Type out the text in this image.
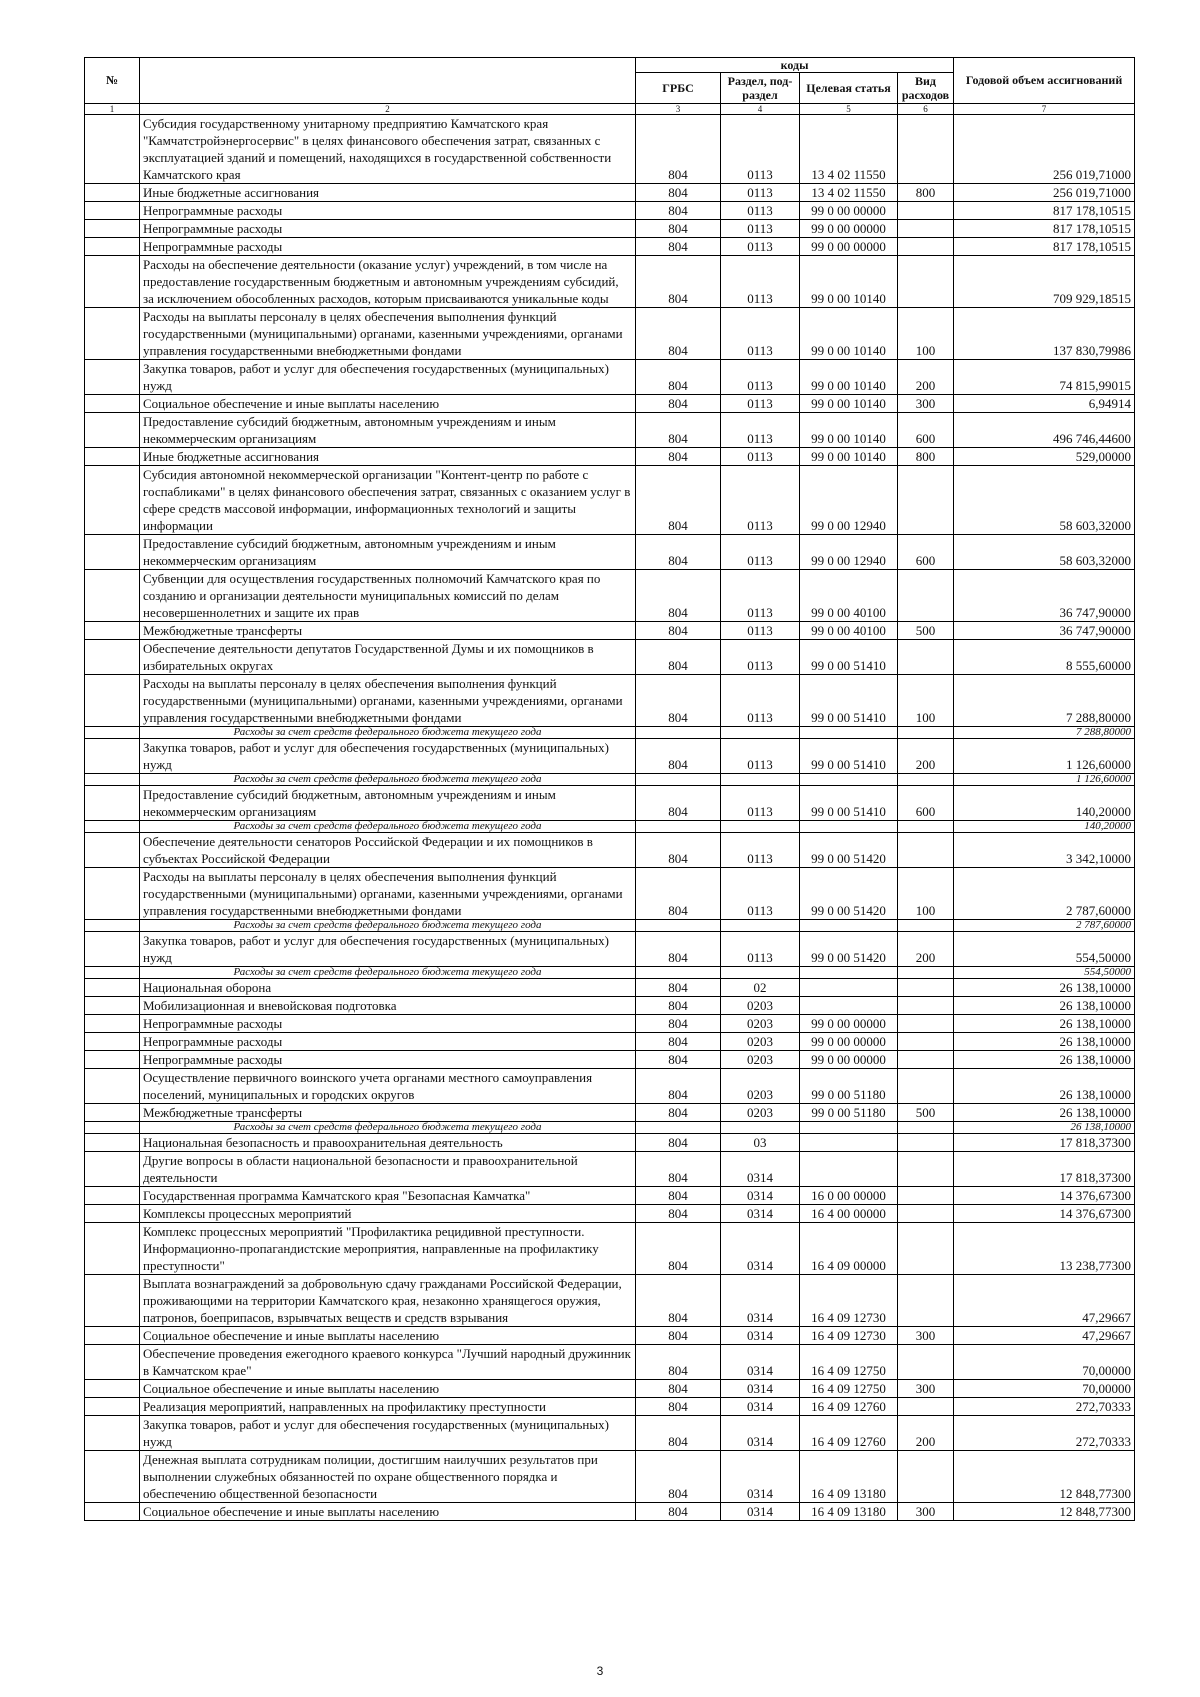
№		коды				Годовой объем ассигнований
		ГРБС	Раздел, под-раздел	Целевая статья	Вид расходов	
1	2	3	4	5	6	7
	Субсидия государственному унитарному предприятию Камчатского края "Камчатстройэнергосервис" в целях финансового обеспечения затрат, связанных с эксплуатацией зданий и помещений, находящихся в государственной собственности Камчатского края	804	0113	13 4 02 11550		256 019,71000
	Иные бюджетные ассигнования	804	0113	13 4 02 11550	800	256 019,71000
	Непрограммные расходы	804	0113	99 0 00 00000		817 178,10515
	Непрограммные расходы	804	0113	99 0 00 00000		817 178,10515
	Непрограммные расходы	804	0113	99 0 00 00000		817 178,10515
	Расходы на обеспечение деятельности (оказание услуг) учреждений, в том числе на предоставление государственным бюджетным и автономным учреждениям субсидий, за исключением обособленных расходов, которым присваиваются уникальные коды	804	0113	99 0 00 10140		709 929,18515
	Расходы на выплаты персоналу в целях обеспечения выполнения функций государственными (муниципальными) органами, казенными учреждениями, органами управления государственными внебюджетными фондами	804	0113	99 0 00 10140	100	137 830,79986
	Закупка товаров, работ и услуг для обеспечения государственных (муниципальных) нужд	804	0113	99 0 00 10140	200	74 815,99015
	Социальное обеспечение и иные выплаты населению	804	0113	99 0 00 10140	300	6,94914
	Предоставление субсидий бюджетным, автономным учреждениям и иным некоммерческим организациям	804	0113	99 0 00 10140	600	496 746,44600
	Иные бюджетные ассигнования	804	0113	99 0 00 10140	800	529,00000
	Субсидия автономной некоммерческой организации "Контент-центр по работе с госпабликами" в целях финансового обеспечения затрат, связанных с оказанием услуг в сфере средств массовой информации, информационных технологий и защиты информации	804	0113	99 0 00 12940		58 603,32000
	Предоставление субсидий бюджетным, автономным учреждениям и иным некоммерческим организациям	804	0113	99 0 00 12940	600	58 603,32000
	Субвенции для осуществления государственных полномочий Камчатского края по созданию и организации деятельности муниципальных комиссий по делам несовершеннолетних и защите их прав	804	0113	99 0 00 40100		36 747,90000
	Межбюджетные трансферты	804	0113	99 0 00 40100	500	36 747,90000
	Обеспечение деятельности депутатов Государственной Думы и их помощников в избирательных округах	804	0113	99 0 00 51410		8 555,60000
	Расходы на выплаты персоналу в целях обеспечения выполнения функций государственными (муниципальными) органами, казенными учреждениями, органами управления государственными внебюджетными фондами	804	0113	99 0 00 51410	100	7 288,80000
	Расходы за счет средств федерального бюджета текущего года					7 288,80000
	Закупка товаров, работ и услуг для обеспечения государственных (муниципальных) нужд	804	0113	99 0 00 51410	200	1 126,60000
	Расходы за счет средств федерального бюджета текущего года					1 126,60000
	Предоставление субсидий бюджетным, автономным учреждениям и иным некоммерческим организациям	804	0113	99 0 00 51410	600	140,20000
	Расходы за счет средств федерального бюджета текущего года					140,20000
	Обеспечение деятельности сенаторов Российской Федерации и их помощников в субъектах Российской Федерации	804	0113	99 0 00 51420		3 342,10000
	Расходы на выплаты персоналу в целях обеспечения выполнения функций государственными (муниципальными) органами, казенными учреждениями, органами управления государственными внебюджетными фондами	804	0113	99 0 00 51420	100	2 787,60000
	Расходы за счет средств федерального бюджета текущего года					2 787,60000
	Закупка товаров, работ и услуг для обеспечения государственных (муниципальных) нужд	804	0113	99 0 00 51420	200	554,50000
	Расходы за счет средств федерального бюджета текущего года					554,50000
	Национальная оборона	804	02			26 138,10000
	Мобилизационная и вневойсковая подготовка	804	0203			26 138,10000
	Непрограммные расходы	804	0203	99 0 00 00000		26 138,10000
	Непрограммные расходы	804	0203	99 0 00 00000		26 138,10000
	Непрограммные расходы	804	0203	99 0 00 00000		26 138,10000
	Осуществление первичного воинского учета органами местного самоуправления поселений, муниципальных и городских округов	804	0203	99 0 00 51180		26 138,10000
	Межбюджетные трансферты	804	0203	99 0 00 51180	500	26 138,10000
	Расходы за счет средств федерального бюджета текущего года					26 138,10000
	Национальная безопасность и правоохранительная деятельность	804	03			17 818,37300
	Другие вопросы в области национальной безопасности и правоохранительной деятельности	804	0314			17 818,37300
	Государственная программа Камчатского края "Безопасная Камчатка"	804	0314	16 0 00 00000		14 376,67300
	Комплексы процессных мероприятий	804	0314	16 4 00 00000		14 376,67300
	Комплекс процессных мероприятий "Профилактика рецидивной преступности. Информационно-пропагандистские мероприятия, направленные на профилактику преступности"	804	0314	16 4 09 00000		13 238,77300
	Выплата вознаграждений за добровольную сдачу гражданами Российской Федерации, проживающими на территории Камчатского края, незаконно хранящегося оружия, патронов, боеприпасов, взрывчатых веществ и средств взрывания	804	0314	16 4 09 12730		47,29667
	Социальное обеспечение и иные выплаты населению	804	0314	16 4 09 12730	300	47,29667
	Обеспечение проведения ежегодного краевого конкурса "Лучший народный дружинник в Камчатском крае"	804	0314	16 4 09 12750		70,00000
	Социальное обеспечение и иные выплаты населению	804	0314	16 4 09 12750	300	70,00000
	Реализация мероприятий, направленных на профилактику преступности	804	0314	16 4 09 12760		272,70333
	Закупка товаров, работ и услуг для обеспечения государственных (муниципальных) нужд	804	0314	16 4 09 12760	200	272,70333
	Денежная выплата сотрудникам полиции, достигшим наилучших результатов при выполнении служебных обязанностей по охране общественного порядка и обеспечению общественной безопасности	804	0314	16 4 09 13180		12 848,77300
	Социальное обеспечение и иные выплаты населению	804	0314	16 4 09 13180	300	12 848,77300
3
